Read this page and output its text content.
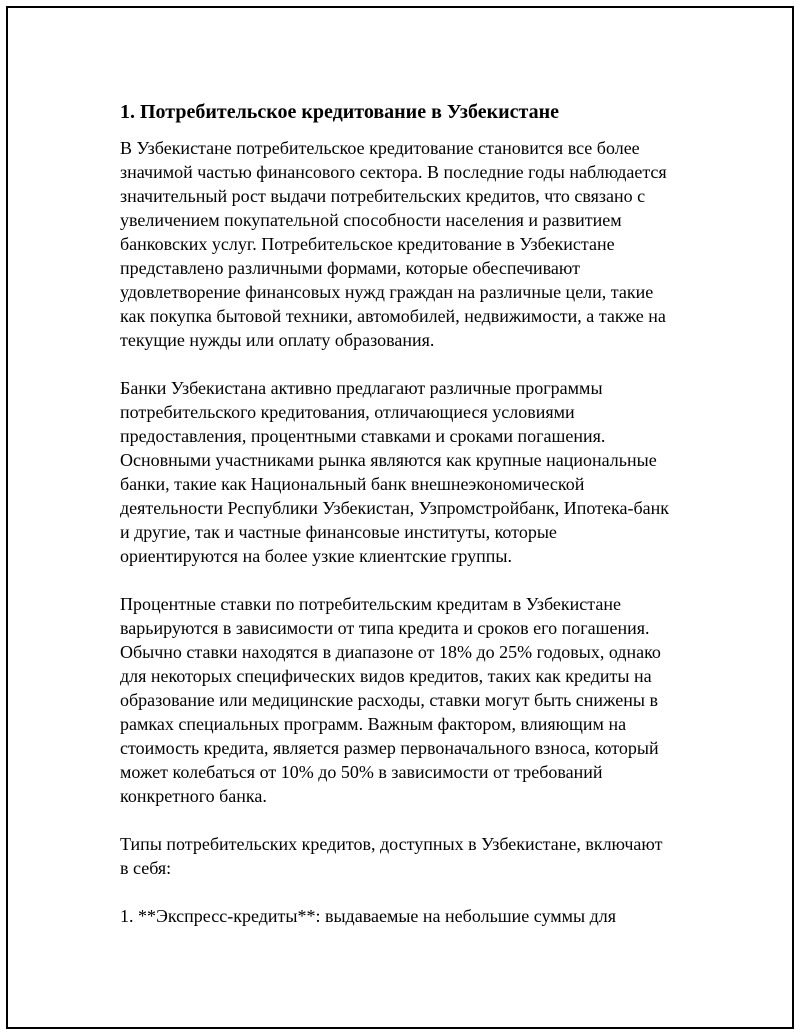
1. Потребительское кредитование в Узбекистане

В Узбекистане потребительское кредитование становится все более
значимой частью финансового сектора. В последние годы наблюдается
значительный рост выдачи потребительских кредитов, что связано с
увеличением покупательной способности населения и развитием
банковских услуг. Потребительское кредитование в Узбекистане
представлено различными формами, которые обеспечивают
удовлетворение финансовых нужд граждан на различные цели, такие
как покупка бытовой техники, автомобилей, недвижимости, а также на
текущие нужды или оплату образования.

Банки Узбекистана активно предлагают различные программы
потребительского кредитования, отличающиеся условиями
предоставления, процентными ставками и сроками погашения.
Основными участниками рынка являются как крупные национальные
банки, такие как Национальный банк внешнеэкономической
деятельности Республики Узбекистан, Узпромстройбанк, Ипотека-банк
и другие, так и частные финансовые институты, которые
ориентируются на более узкие клиентские группы.

Процентные ставки по потребительским кредитам в Узбекистане
варьируются в зависимости от типа кредита и сроков его погашения.
Обычно ставки находятся в диапазоне от 18% до 25% годовых, однако
для некоторых специфических видов кредитов, таких как кредиты на
образование или медицинские расходы, ставки могут быть снижены в
рамках специальных программ. Важным фактором, влияющим на
стоимость кредита, является размер первоначального взноса, который
может колебаться от 10% до 50% в зависимости от требований
конкретного банка.

Типы потребительских кредитов, доступных в Узбекистане, включают
в себя:

1. **Экспресс-кредиты**: выдаваемые на небольшие суммы для
